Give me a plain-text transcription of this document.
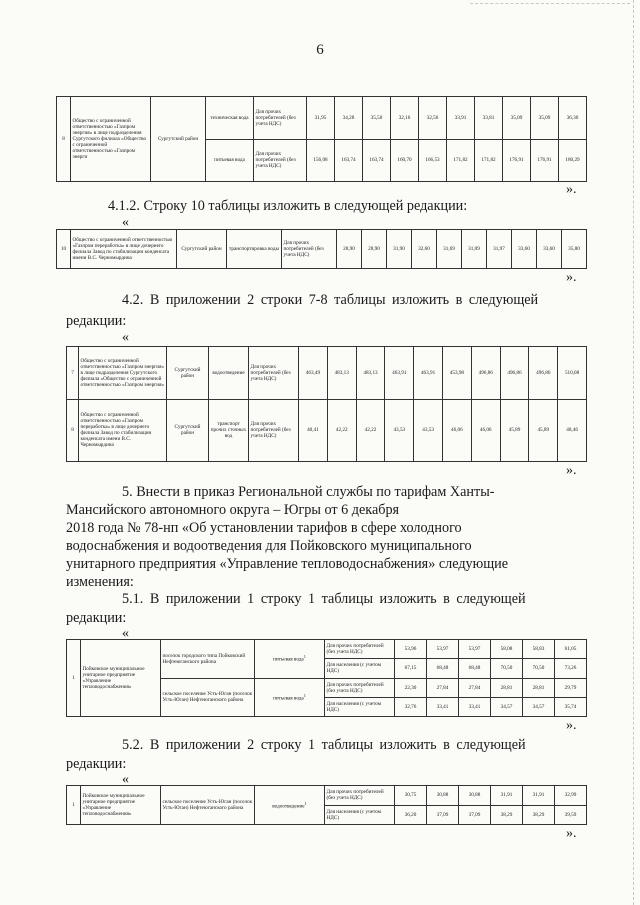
6
8	Общество с ограниченной ответственностью «Газпром энергия» в лице подразделения Сургутского филиала «Общество с ограниченной ответственностью «Газпром энерги	Сургутский район	техническая вода	Для прочих потребителей (без учета НДС)	31,95	34,28	35,50	32,16	32,56	33,91	33,81	35,09	35,09	36,30
			питьевая вода	Для прочих потребителей (без учета НДС)	156,08	163,74	163,74	160,70	166,53	171,82	171,82	176,91	176,91	180,29
».
4.1.2. Строку 10 таблицы изложить в следующей редакции:
«
10	Общество с ограниченной ответственностью «Газпром переработка» в лице дочернего филиала Завод по стабилизации конденсата имени В.С. Черномырдина	Сургутский район	транспортировка воды	Для прочих потребителей (без учета НДС)	28,90	28,90	31,90	32,60	31,69	31,09	31,97	33,60	33,60	35,80
».
4.2. В приложении 2 строки 7-8 таблицы изложить в следующей
редакции:
«
7	Общество с ограниченной ответственностью «Газпром энергия» в лице подразделения Сургутского филиала «Общество с ограниченной ответственностью «Газпром энергия»	Сургутский район	водоотведение	Для прочих потребителей (без учета НДС)	463,49	483,13	483,13	463,91	463,91	453,98	496,86	496,86	496,86	510,08
8	Общество с ограниченной ответственностью «Газпром переработка» в лице дочернего филиала Завод по стабилизации конденсата имени В.С. Черномырдина	Сургутский район	транспорт прочих сточных вод	Для прочих потребителей (без учета НДС)	40,41	42,22	42,22	43,53	43,53	46,06	46,06	45,89	45,89	48,46
».
5. Внести в приказ Региональной службы по тарифам Ханты-
Мансийского автономного округа – Югры от 6 декабря
2018 года № 78-нп «Об установлении тарифов в сфере холодного
водоснабжения и водоотведения для Пойковского муниципального
унитарного предприятия «Управление тепловодоснабжения» следующие
изменения:
5.1. В приложении 1 строку 1 таблицы изложить в следующей
редакции:
«
1	Пойковское муниципальное унитарное предприятие «Управление тепловодоснабжения»	поселок городского типа Пойковский Нефтеюганского района	питьевая вода$^1$	Для прочих потребителей (без учета НДС)	53,96	53,97	53,97	58,08	58,83	61,05
				Для населения (с учетом НДС)	67,15	68,48	68,48	70,50	70,50	73,26
		сельское поселение Усть-Юган (поселок Усть-Юган) Нефтеюганского района	питьевая вода$^1$	Для прочих потребителей (без учета НДС)	22,30	27,84	27,84	28,81	28,81	29,79
				Для населения (с учетом НДС)	32,76	33,41	33,41	34,57	34,57	35,74
».
5.2. В приложении 2 строку 1 таблицы изложить в следующей
редакции:
«
1	Пойковское муниципальное унитарное предприятие «Управление тепловодоснабжения»	сельское поселение Усть-Юган (поселок Усть-Юган) Нефтеюганского района	водоотведение$^1$	Для прочих потребителей (без учета НДС)	30,75	30,88	30,88	31,91	31,91	32,99
				Для населения (с учетом НДС)	36,20	37,09	37,09	38,29	38,29	39,59
».
